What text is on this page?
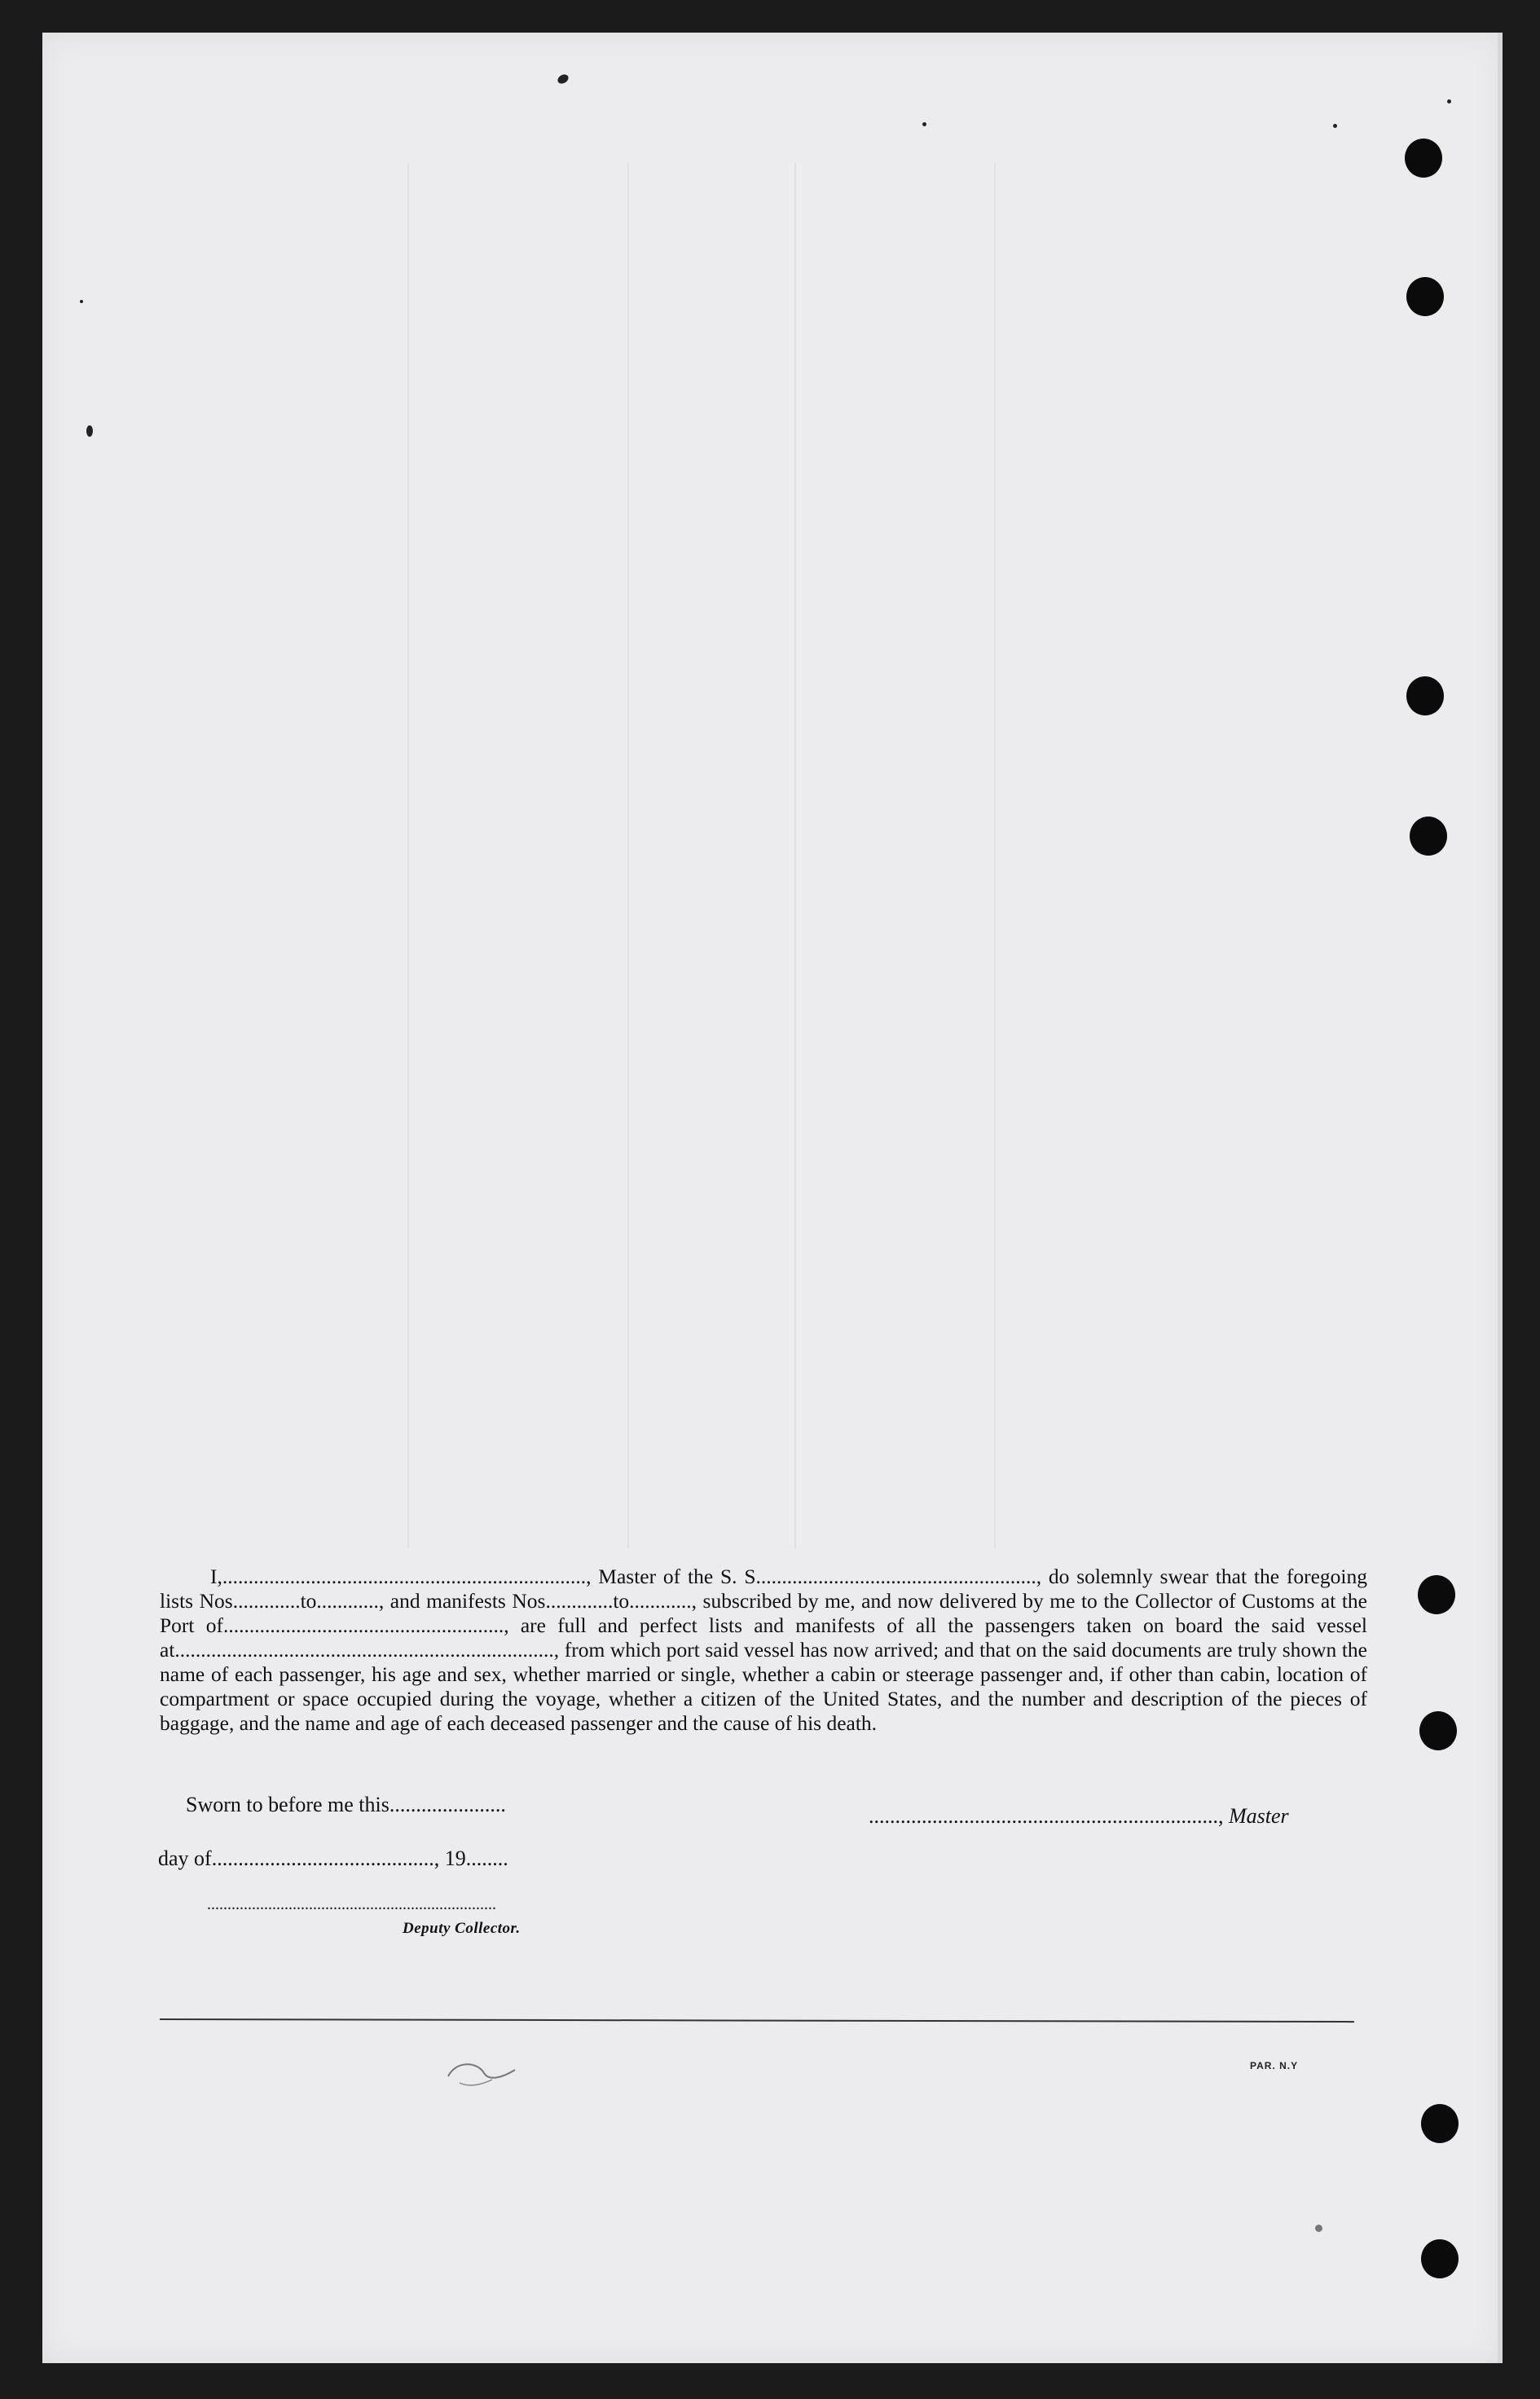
I,......................................................................, Master of the S. S......................................................, do solemnly swear that the foregoing lists Nos.............to............, and manifests Nos.............to............, subscribed by me, and now delivered by me to the Collector of Customs at the Port of......................................................, are full and perfect lists and manifests of all the passengers taken on board the said vessel at........................................................................., from which port said vessel has now arrived; and that on the said documents are truly shown the name of each passenger, his age and sex, whether married or single, whether a cabin or steerage passenger and, if other than cabin, location of compartment or space occupied during the voyage, whether a citizen of the United States, and the number and description of the pieces of baggage, and the name and age of each deceased passenger and the cause of his death.

Sworn to before me this......................	.................................................................., Master
day of.........................................., 19........
.......................................................................
Deputy Collector.
PAR. N.Y
